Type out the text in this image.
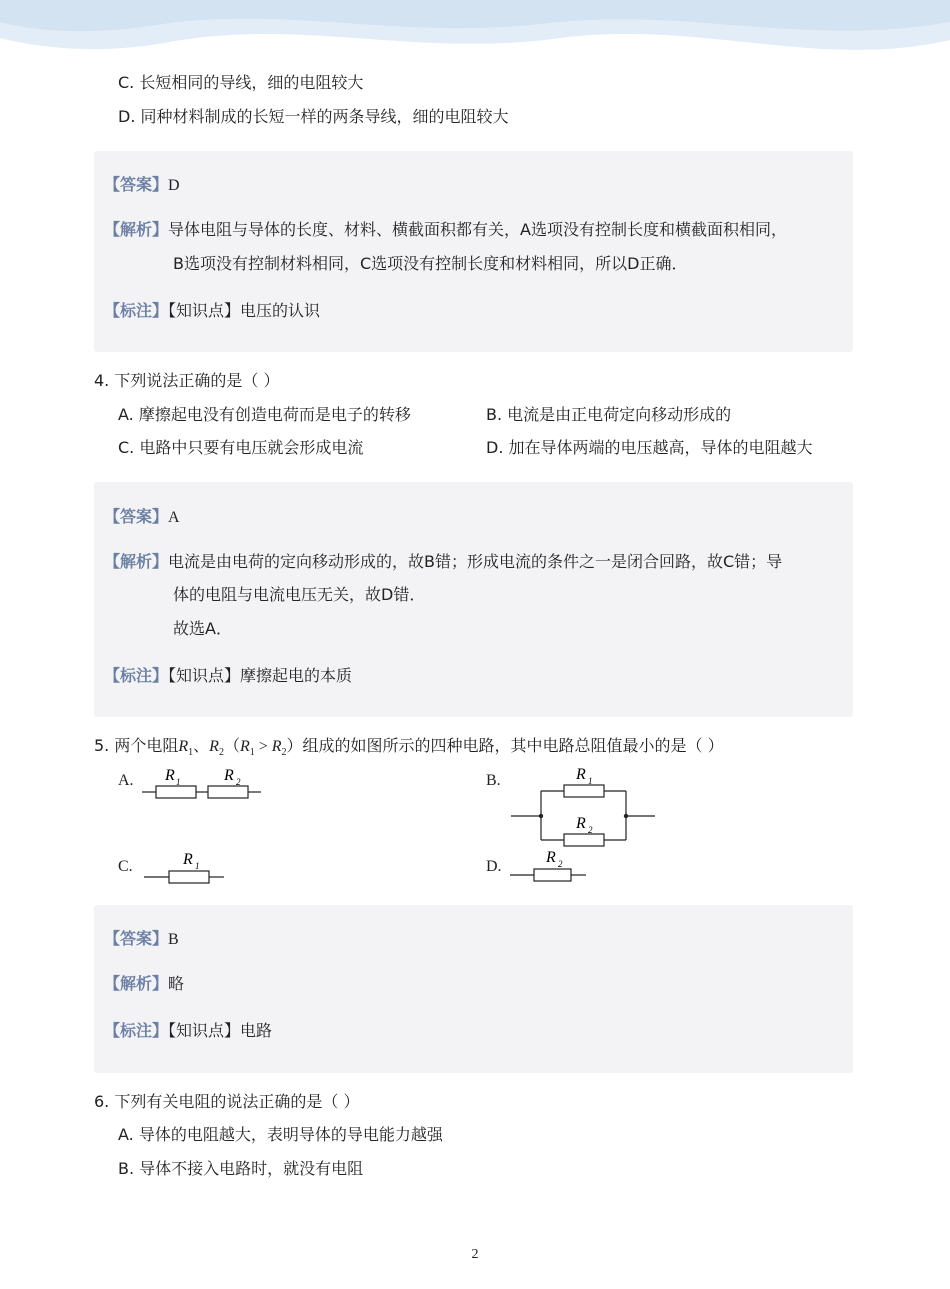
C. 长短相同的导线，细的电阻较大
D. 同种材料制成的长短一样的两条导线，细的电阻较大
【答案】D
【解析】导体电阻与导体的长度、材料、横截面积都有关，A选项没有控制长度和横截面积相同，
B选项没有控制材料相同，C选项没有控制长度和材料相同，所以D正确．
【标注】【知识点】电压的认识
4. 下列说法正确的是（ ）
A. 摩擦起电没有创造电荷而是电子的转移	B. 电流是由正电荷定向移动形成的
C. 电路中只要有电压就会形成电流	D. 加在导体两端的电压越高，导体的电阻越大
【答案】A
【解析】电流是由电荷的定向移动形成的，故B错；形成电流的条件之一是闭合回路，故C错；导
体的电阻与电流电压无关，故D错．
故选A．
【标注】【知识点】摩擦起电的本质
5. 两个电阻$R_1$、$R_2(R_1 > R_2)$组成的如图所示的四种电路，其中电路总阻值最小的是（ ）
A.	B.
C.	D.
R 1	R 2	R 1
R 2
R 1	R 2
【答案】B
【解析】略
【标注】【知识点】电路
6. 下列有关电阻的说法正确的是（ ）
A. 导体的电阻越大，表明导体的导电能力越强
B. 导体不接入电路时，就没有电阻
2
